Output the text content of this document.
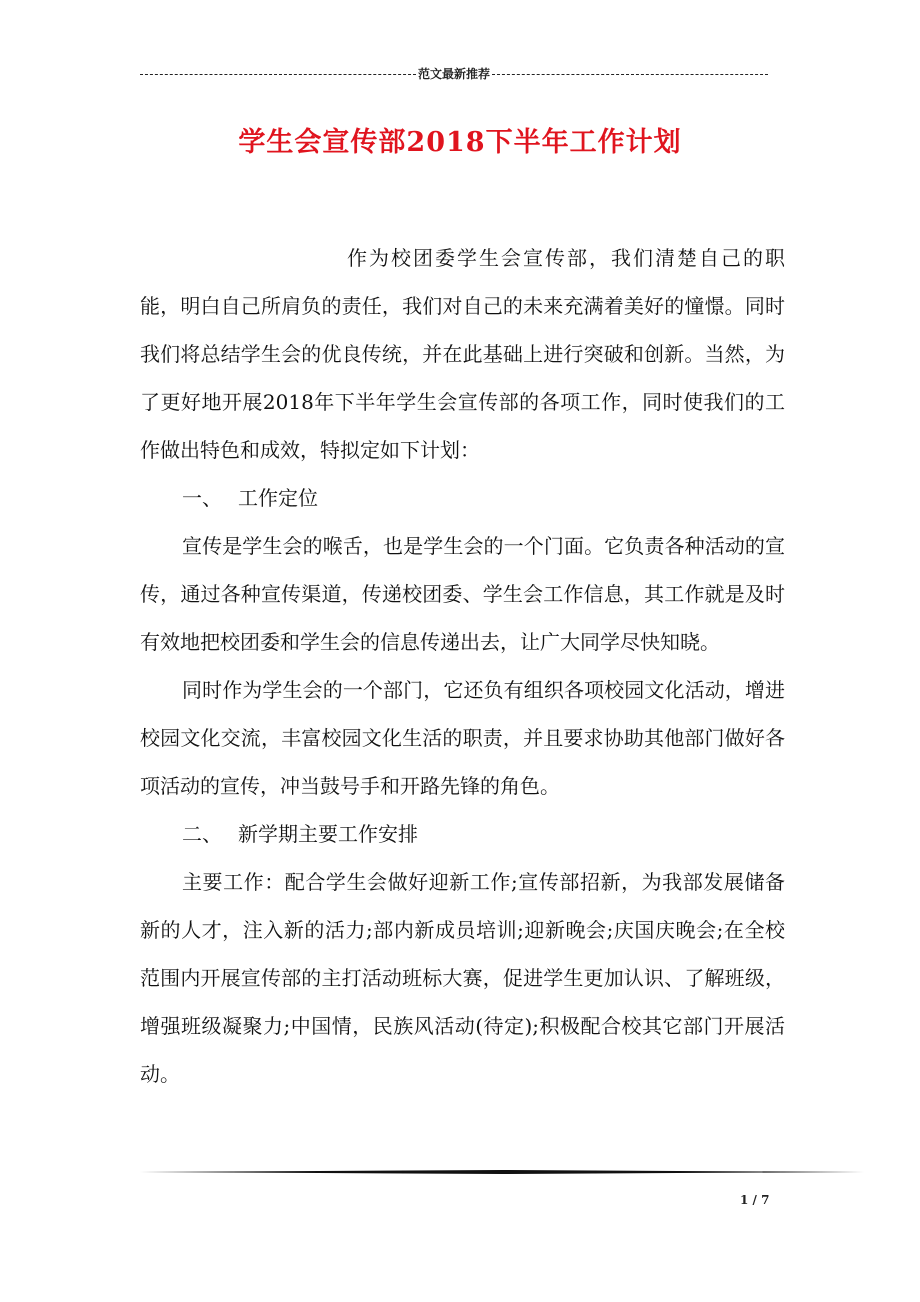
范文最新推荐
学生会宣传部2018下半年工作计划

作为校团委学生会宣传部，我们清楚自己的职能，明白自己所肩负的责任，我们对自己的未来充满着美好的憧憬。同时我们将总结学生会的优良传统，并在此基础上进行突破和创新。当然，为了更好地开展2018年下半年学生会宣传部的各项工作，同时使我们的工作做出特色和成效，特拟定如下计划：

一、 工作定位

宣传是学生会的喉舌，也是学生会的一个门面。它负责各种活动的宣传，通过各种宣传渠道，传递校团委、学生会工作信息，其工作就是及时有效地把校团委和学生会的信息传递出去，让广大同学尽快知晓。

同时作为学生会的一个部门，它还负有组织各项校园文化活动，增进校园文化交流，丰富校园文化生活的职责，并且要求协助其他部门做好各项活动的宣传，冲当鼓号手和开路先锋的角色。

二、 新学期主要工作安排

主要工作：配合学生会做好迎新工作;宣传部招新，为我部发展储备新的人才，注入新的活力;部内新成员培训;迎新晚会;庆国庆晚会;在全校范围内开展宣传部的主打活动班标大赛，促进学生更加认识、了解班级，增强班级凝聚力;中国情，民族风活动(待定);积极配合校其它部门开展活动。

1 / 7
